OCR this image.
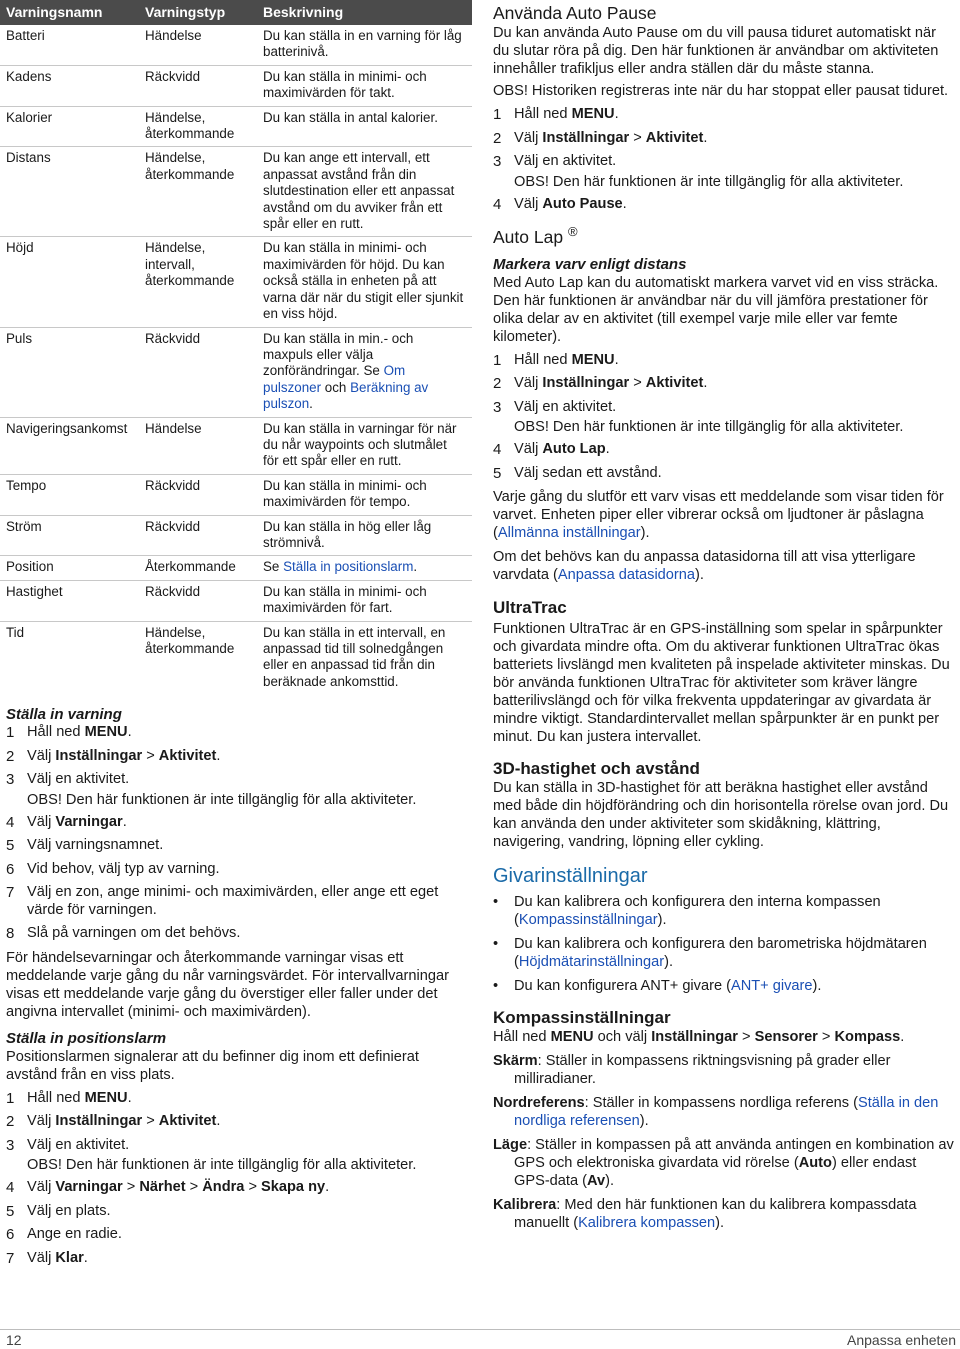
Varningsnamn	Varningstyp	Beskrivning
Batteri	Händelse	Du kan ställa in en varning för låg batterinivå.
Kadens	Räckvidd	Du kan ställa in minimi- och maximivärden för takt.
Kalorier	Händelse, återkommande	Du kan ställa in antal kalorier.
Distans	Händelse, återkommande	Du kan ange ett intervall, ett anpassat avstånd från din slutdestination eller ett anpassat avstånd om du avviker från ett spår eller en rutt.
Höjd	Händelse, intervall, återkommande	Du kan ställa in minimi- och maximivärden för höjd. Du kan också ställa in enheten på att varna där när du stigit eller sjunkit en viss höjd.
Puls	Räckvidd	Du kan ställa in min.- och maxpuls eller välja zonförändringar. Se Om pulszoner och Beräkning av pulszon.
Navigeringsankomst	Händelse	Du kan ställa in varningar för när du når waypoints och slutmålet för ett spår eller en rutt.
Tempo	Räckvidd	Du kan ställa in minimi- och maximivärden för tempo.
Ström	Räckvidd	Du kan ställa in hög eller låg strömnivå.
Position	Återkommande	Se Ställa in positionslarm.
Hastighet	Räckvidd	Du kan ställa in minimi- och maximivärden för fart.
Tid	Händelse, återkommande	Du kan ställa in ett intervall, en anpassad tid till solnedgången eller en anpassad tid från din beräknade ankomsttid.

Ställa in varning

1 Håll ned MENU.
2 Välj Inställningar > Aktivitet.
3 Välj en aktivitet.
OBS! Den här funktionen är inte tillgänglig för alla aktiviteter.
4 Välj Varningar.
5 Välj varningsnamnet.
6 Vid behov, välj typ av varning.
7 Välj en zon, ange minimi- och maximivärden, eller ange ett eget värde för varningen.
8 Slå på varningen om det behövs.

För händelsevarningar och återkommande varningar visas ett meddelande varje gång du når varningsvärdet. För intervallvarningar visas ett meddelande varje gång du överstiger eller faller under det angivna intervallet (minimi- och maximivärden).

Ställa in positionslarm

Positionslarmen signalerar att du befinner dig inom ett definierat avstånd från en viss plats.

1 Håll ned MENU.
2 Välj Inställningar > Aktivitet.
3 Välj en aktivitet.
OBS! Den här funktionen är inte tillgänglig för alla aktiviteter.
4 Välj Varningar > Närhet > Ändra > Skapa ny.
5 Välj en plats.
6 Ange en radie.
7 Välj Klar.

Använda Auto Pause

Du kan använda Auto Pause om du vill pausa tiduret automatiskt när du slutar röra på dig. Den här funktionen är användbar om aktiviteten innehåller trafikljus eller andra ställen där du måste stanna.

OBS! Historiken registreras inte när du har stoppat eller pausat tiduret.

1 Håll ned MENU.
2 Välj Inställningar > Aktivitet.
3 Välj en aktivitet.
OBS! Den här funktionen är inte tillgänglig för alla aktiviteter.
4 Välj Auto Pause.

Auto Lap ®

Markera varv enligt distans

Med Auto Lap kan du automatiskt markera varvet vid en viss sträcka. Den här funktionen är användbar när du vill jämföra prestationer för olika delar av en aktivitet (till exempel varje mile eller var femte kilometer).

1 Håll ned MENU.
2 Välj Inställningar > Aktivitet.
3 Välj en aktivitet.
OBS! Den här funktionen är inte tillgänglig för alla aktiviteter.
4 Välj Auto Lap.
5 Välj sedan ett avstånd.

Varje gång du slutför ett varv visas ett meddelande som visar tiden för varvet. Enheten piper eller vibrerar också om ljudtoner är påslagna (Allmänna inställningar).

Om det behövs kan du anpassa datasidorna till att visa ytterligare varvdata (Anpassa datasidorna).

UltraTrac

Funktionen UltraTrac är en GPS-inställning som spelar in spårpunkter och givardata mindre ofta. Om du aktiverar funktionen UltraTrac ökas batteriets livslängd men kvaliteten på inspelade aktiviteter minskas. Du bör använda funktionen UltraTrac för aktiviteter som kräver längre batterilivslängd och för vilka frekventa uppdateringar av givardata är mindre viktigt. Standardintervallet mellan spårpunkter är en punkt per minut. Du kan justera intervallet.

3D-hastighet och avstånd

Du kan ställa in 3D-hastighet för att beräkna hastighet eller avstånd med både din höjdförändring och din horisontella rörelse ovan jord. Du kan använda den under aktiviteter som skidåkning, klättring, navigering, vandring, löpning eller cykling.

Givarinställningar

• Du kan kalibrera och konfigurera den interna kompassen (Kompassinställningar).
• Du kan kalibrera och konfigurera den barometriska höjdmätaren (Höjdmätarinställningar).
• Du kan konfigurera ANT+ givare (ANT+ givare).

Kompassinställningar

Håll ned MENU och välj Inställningar > Sensorer > Kompass.

Skärm: Ställer in kompassens riktningsvisning på grader eller milliradianer.
Nordreferens: Ställer in kompassens nordliga referens (Ställa in den nordliga referensen).
Läge: Ställer in kompassen på att använda antingen en kombination av GPS och elektroniska givardata vid rörelse (Auto) eller endast GPS-data (Av).
Kalibrera: Med den här funktionen kan du kalibrera kompassdata manuellt (Kalibrera kompassen).
12	Anpassa enheten
